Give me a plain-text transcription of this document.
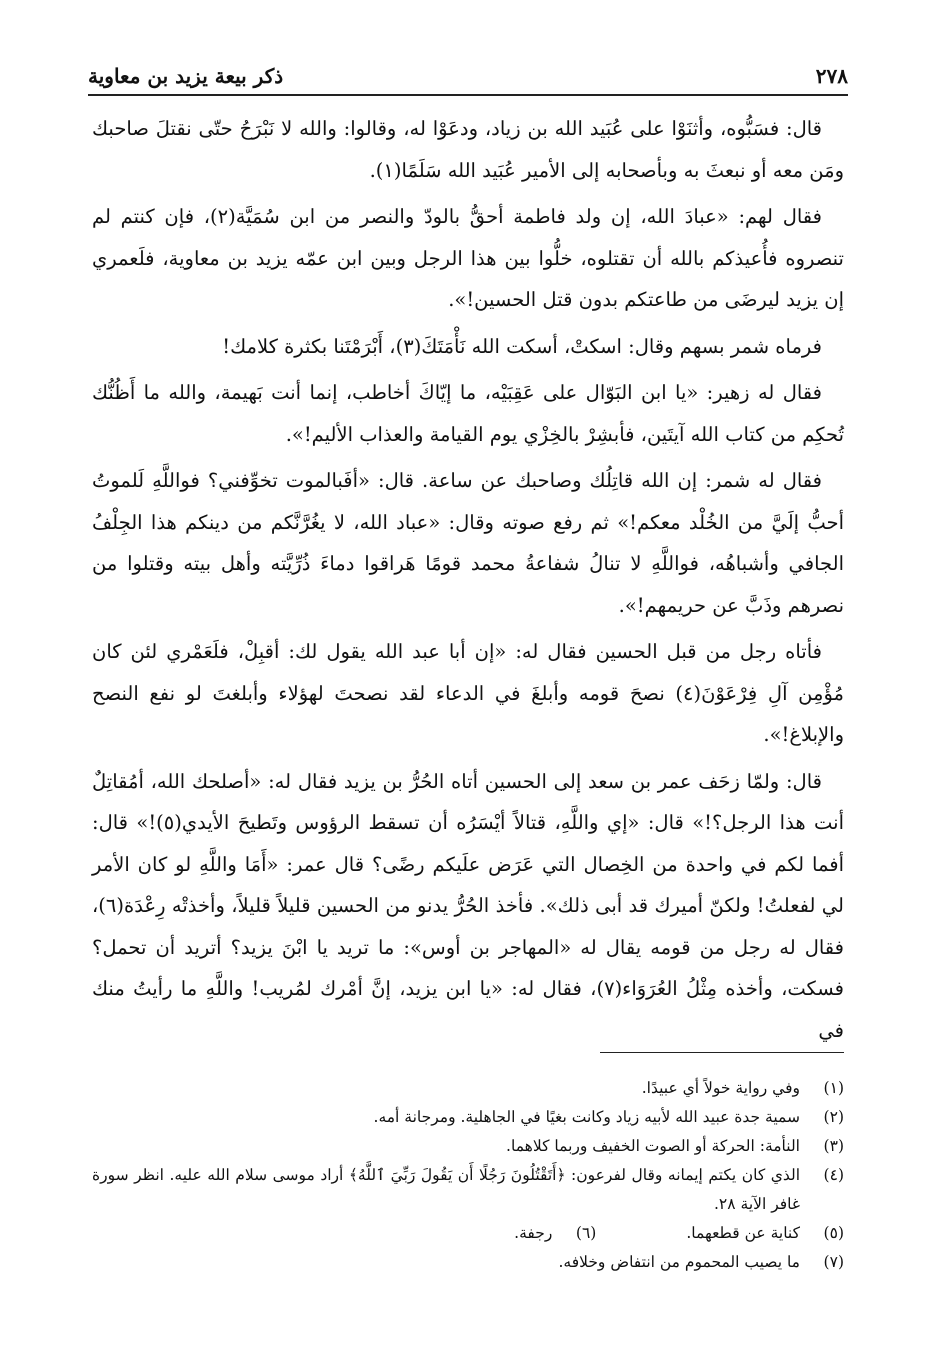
٢٧٨
ذكر بيعة يزيد بن معاوية

قال: فسَبُّوه، وأثنَوْا على عُبَيد الله بن زياد، ودعَوْا له، وقالوا: والله لا نَبْرَحُ حتّى نقتلَ صاحبك ومَن معه أو نبعثَ به وبأصحابه إلى الأمير عُبَيد الله سَلَمًا(١).

فقال لهم: «عبادَ الله، إن ولد فاطمة أحقُّ بالودّ والنصر من ابن سُمَيَّة(٢)، فإن كنتم لم تنصروه فأُعيذكم بالله أن تقتلوه، خلُّوا بين هذا الرجل وبين ابن عمّه يزيد بن معاوية، فلَعمري إن يزيد ليرضَى من طاعتكم بدون قتل الحسين!».

فرماه شمر بسهم وقال: اسكتْ، أسكت الله نَأْمَتَكَ(٣)، أَبْرَمْتَنا بكثرة كلامك!

فقال له زهير: «يا ابن البَوّال على عَقِبَيْه، ما إيّاكَ أخاطب، إنما أنت بَهيمة، والله ما أَظُنُّك تُحكِم من كتاب الله آيتَين، فأبشِرْ بالخِزْي يوم القيامة والعذاب الأليم!».

فقال له شمر: إن الله قاتِلُك وصاحبك عن ساعة. قال: «أفَبالموت تخوِّفني؟ فواللَّهِ لَلموتُ أحبُّ إلَيَّ من الخُلْد معكم!» ثم رفع صوته وقال: «عباد الله، لا يغُرَّنَّكم من دينكم هذا الجِلْفُ الجافي وأشباهُه، فواللَّهِ لا تنالُ شفاعةُ محمد قومًا هَراقوا دماءَ ذُرِّيَّته وأهل بيته وقتلوا من نصرهم وذَبَّ عن حريمهم!».

فأتاه رجل من قبل الحسين فقال له: «إن أبا عبد الله يقول لك: أقبِلْ، فلَعَمْري لئن كان مُؤْمِن آلِ فِرْعَوْنَ(٤) نصحَ قومه وأبلغَ في الدعاء لقد نصحتَ لهؤلاء وأبلغتَ لو نفع النصح والإبلاغ!».

قال: ولمّا زحَف عمر بن سعد إلى الحسين أتاه الحُرُّ بن يزيد فقال له: «أصلحك الله، أمُقاتِلٌ أنت هذا الرجل؟!» قال: «إي واللَّهِ، قتالاً أيْسَرُه أن تسقط الرؤوس وتَطيحَ الأيدي(٥)!» قال: أفما لكم في واحدة من الخِصال التي عَرَض علَيكم رضًى؟ قال عمر: «أَمَا واللَّهِ لو كان الأمر لي لفعلتُ! ولكنّ أميرك قد أبى ذلك». فأخذ الحُرُّ يدنو من الحسين قليلاً قليلاً، وأخذتْه رِعْدَة(٦)، فقال له رجل من قومه يقال له «المهاجر بن أوس»: ما تريد يا ابْنَ يزيد؟ أتريد أن تحمل؟ فسكت، وأخذه مِثْلُ العُرَوَاء(٧)، فقال له: «يا ابن يزيد، إنَّ أمْرك لمُريب! واللَّهِ ما رأيتُ منك في

(١)
وفي رواية خولاً أي عبيدًا.
(٢)
سمية جدة عبيد الله لأبيه زياد وكانت بغيًا في الجاهلية. ومرجانة أمه.
(٣)
النأمة: الحركة أو الصوت الخفيف وربما كلاهما.
(٤)
الذي كان يكتم إيمانه وقال لفرعون: ﴿أَتَقْتُلُونَ رَجُلًا أَن يَقُولَ رَبِّيَ ٱللَّهُ﴾ أراد موسى سلام الله عليه. انظر سورة غافر الآية ٢٨.
(٥)
كناية عن قطعهما.
(٦)
رجفة.
(٧)
ما يصيب المحموم من انتفاض وخلافه.
